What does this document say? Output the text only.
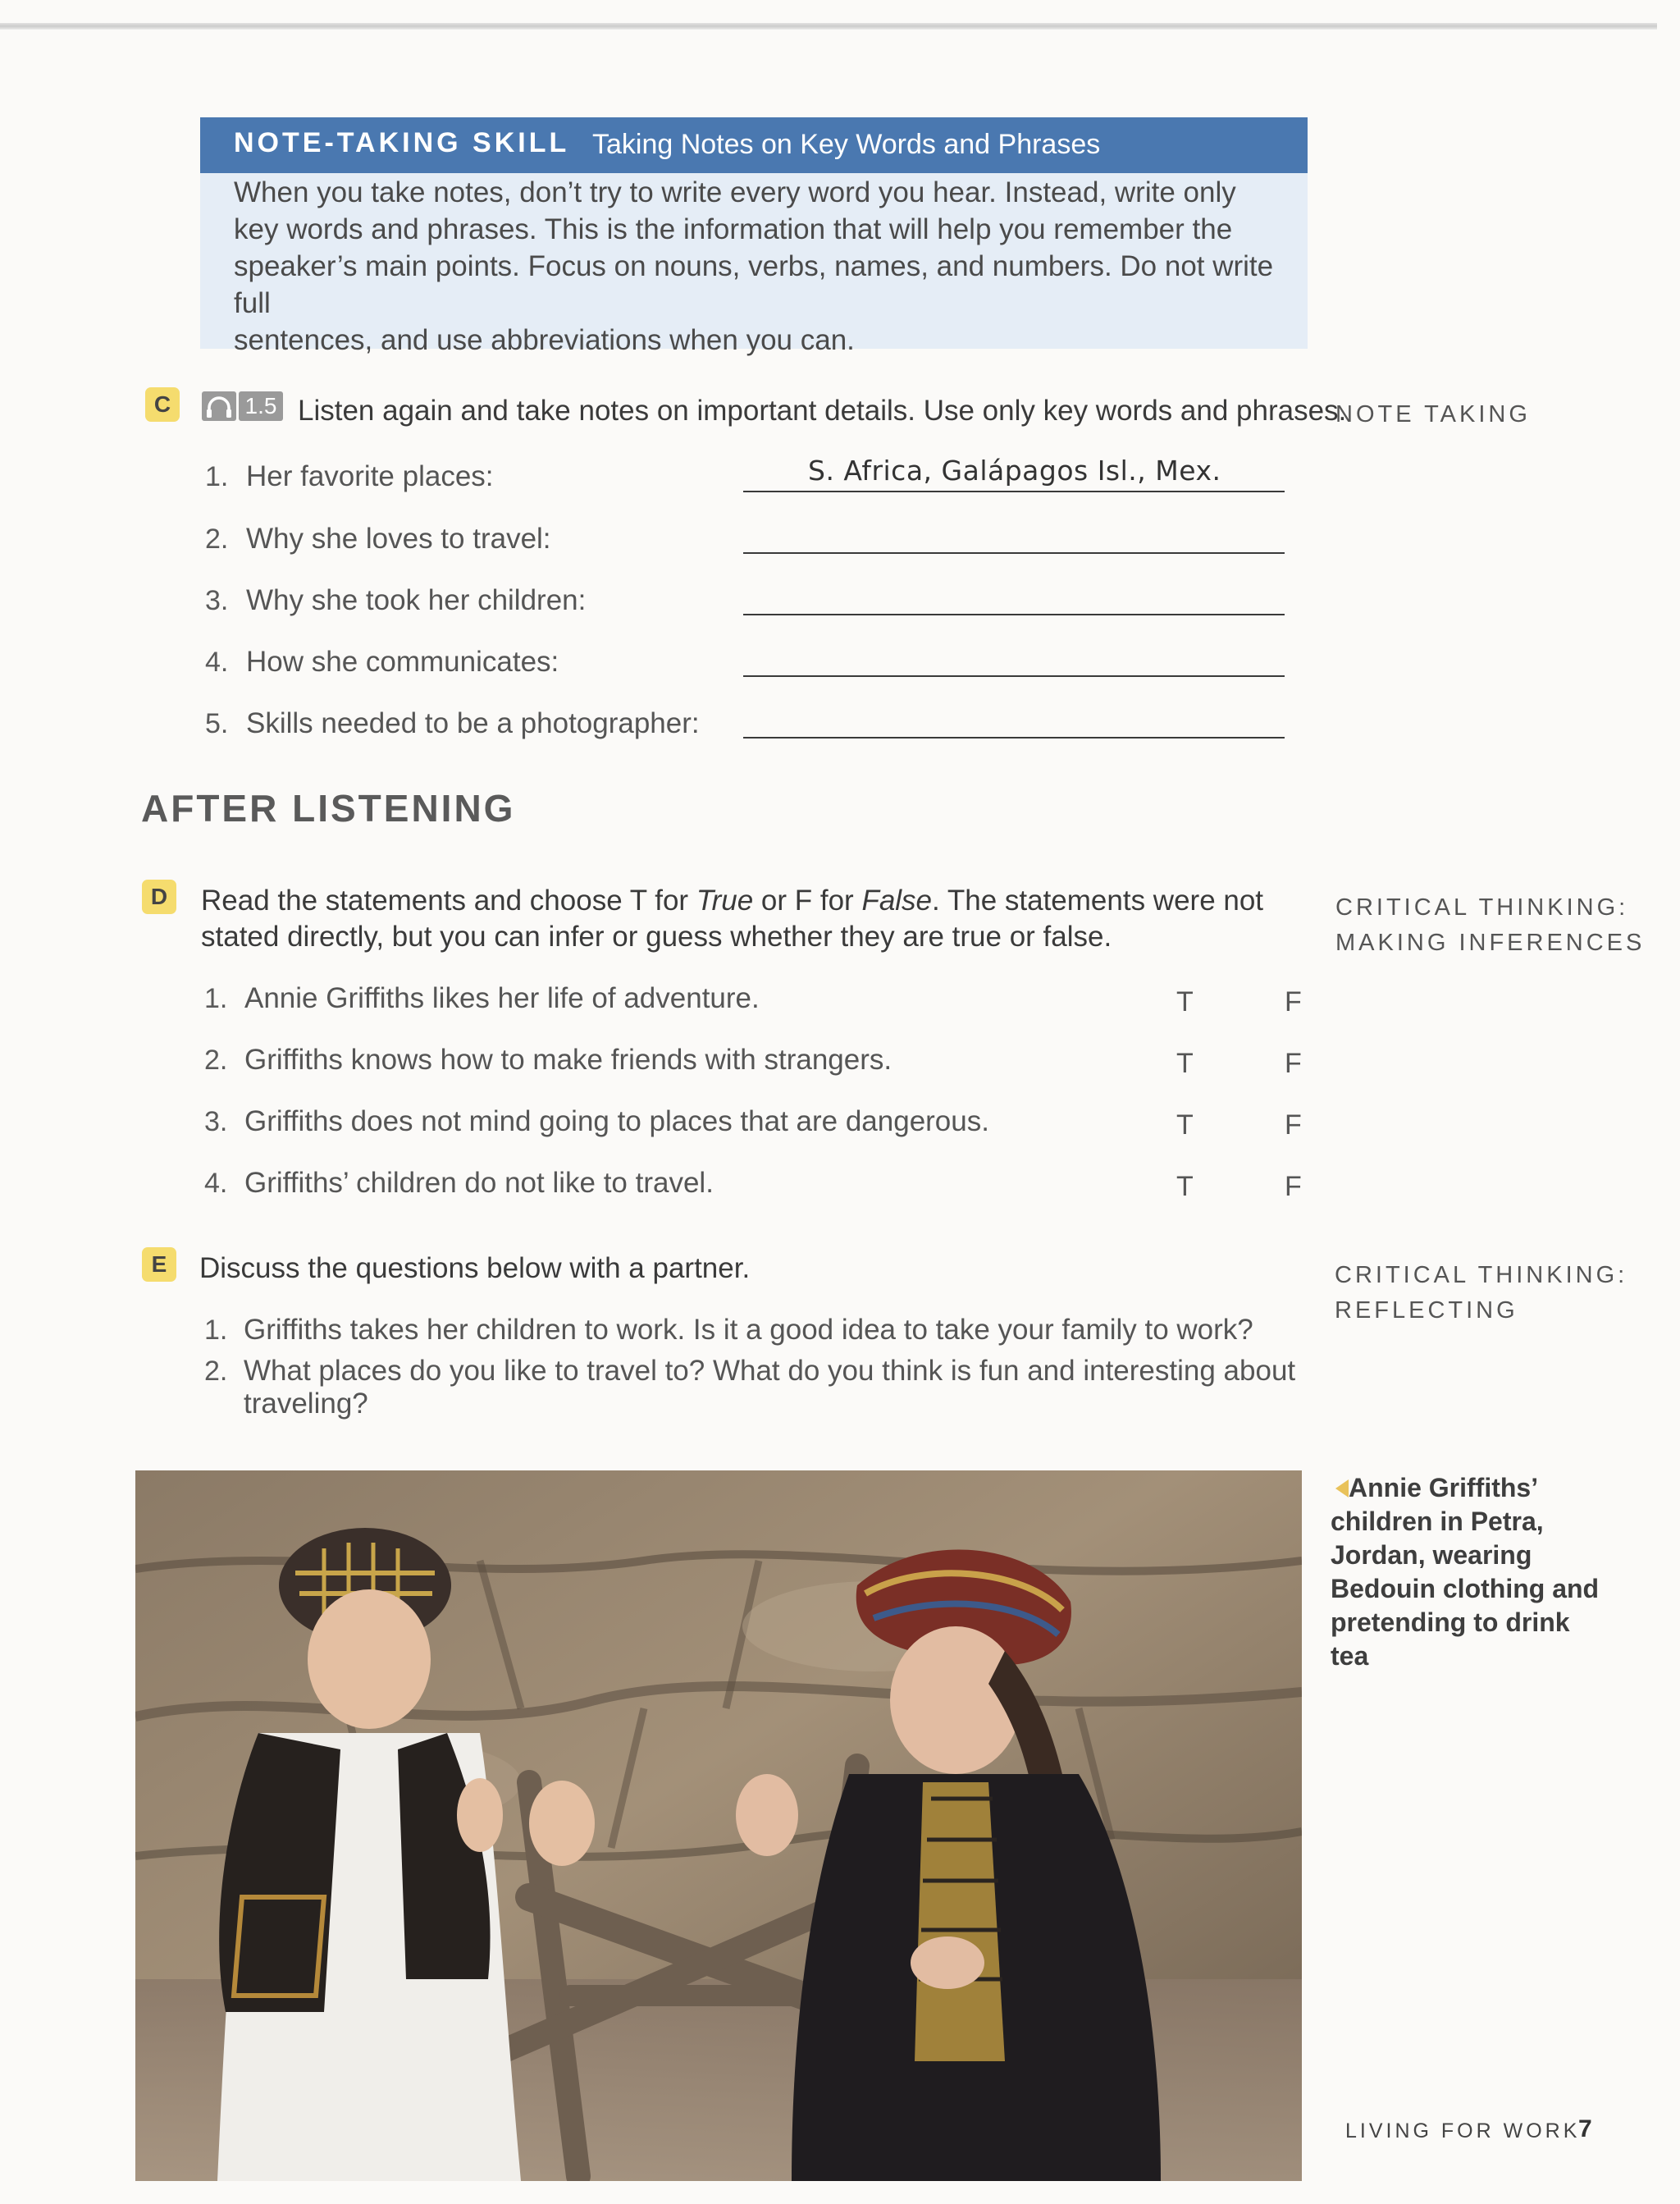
NOTE-TAKING SKILL Taking Notes on Key Words and Phrases
When you take notes, don’t try to write every word you hear. Instead, write only
key words and phrases. This is the information that will help you remember the
speaker’s main points. Focus on nouns, verbs, names, and numbers. Do not write full
sentences, and use abbreviations when you can.
C	1.5 Listen again and take notes on important details. Use only key words and phrases.
NOTE TAKING
1. Her favorite places:	S. Africa, Galápagos Isl., Mex.
2. Why she loves to travel:
3. Why she took her children:
4. How she communicates:
5. Skills needed to be a photographer:
AFTER LISTENING
D	Read the statements and choose T for True or F for False. The statements were not
stated directly, but you can infer or guess whether they are true or false.
CRITICAL THINKING:
MAKING INFERENCES
1. Annie Griffiths likes her life of adventure.	T	F
2. Griffiths knows how to make friends with strangers.	T	F
3. Griffiths does not mind going to places that are dangerous.	T	F
4. Griffiths’ children do not like to travel.	T	F
E	Discuss the questions below with a partner.	CRITICAL THINKING:
REFLECTING
1. Griffiths takes her children to work. Is it a good idea to take your family to work?
2. What places do you like to travel to? What do you think is fun and interesting about
traveling?
Annie Griffiths’ children in Petra, Jordan, wearing Bedouin clothing and pretending to drink tea
LIVING FOR WORK
7
